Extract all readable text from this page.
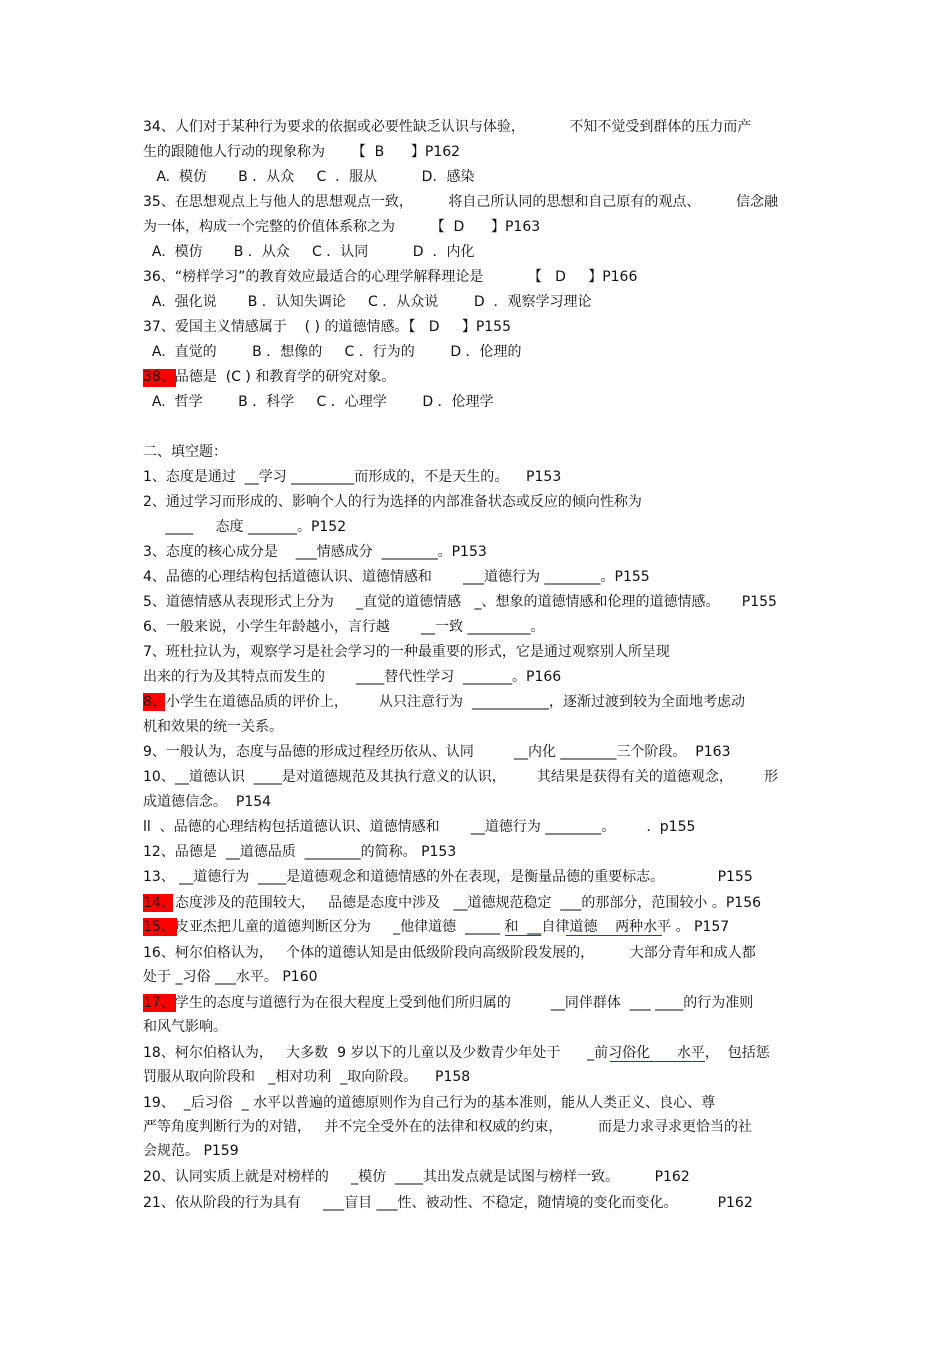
34、人们对于某种行为要求的依据或必要性缺乏认识与体验，          不知不觉受到群体的压力而产
生的跟随他人行动的现象称为      【  B      】P162
A.  模仿       B ．从众     C  ．服从          D．感染
35、在思想观点上与他人的思想观点一致，        将自己所认同的思想和自己原有的观点、        信念融
为一体，构成一个完整的价值体系称之为        【  D      】P163
A.  模仿       B ．从众     C ．认同          D  ．内化
36、“榜样学习”的教育效应最适合的心理学解释理论是          【   D     】P166
A.  强化说       B ．认知失调论     C ．从众说        D  ．观察学习理论
37、爱国主义情感属于    ( ) 的道德情感。【   D     】P155
A.  直觉的        B ．想像的     C ．行为的        D ．伦理的
38、品德是  (C ) 和教育学的研究对象。
A.  哲学        B ．科学     C ．心理学        D ．伦理学
二、填空题：
1、态度是通过  __学习 _________而形成的，不是天生的。    P153
2、通过学习而形成的、影响个人的行为选择的内部准备状态或反应的倾向性称为
____     态度 _______。P152
3、态度的核心成分是    ___情感成分  ________。P153
4、品德的心理结构包括道德认识、道德情感和       ___道德行为 ________。P155
5、道德情感从表现形式上分为     _直觉的道德情感   _、想象的道德情感和伦理的道德情感。     P155
6、一般来说，小学生年龄越小，言行越       __一致 _________。
7、班杜拉认为，观察学习是社会学习的一种最重要的形式，它是通过观察别人所呈现
出来的行为及其特点而发生的       ____替代性学习  _______。P166
8、小学生在道德品质的评价上，       从只注意行为  ___________，逐渐过渡到较为全面地考虑动
机和效果的统一关系。
9、一般认为，态度与品德的形成过程经历依从、认同         __内化 ________三个阶段。  P163
10、__道德认识  ____是对道德规范及其执行意义的认识，       其结果是获得有关的道德观念，       形
成道德信念。  P154
ll  、品德的心理结构包括道德认识、道德情感和       __道德行为 ________。       .  p155
12、品德是  __道德品质  ________的简称。 P153
13、 __道德行为  ____是道德观念和道德情感的外在表现，是衡量品德的重要标志。            P155
14、态度涉及的范围较大，   品德是态度中涉及   __道德规范稳定  ___的那部分，范围较小 。P156
15、皮亚杰把儿童的道德判断区分为     _他律道德  _____ 和  __自律道德    两种水平 。 P157
16、柯尔伯格认为，   个体的道德认知是由低级阶段向高级阶段发展的，        大部分青年和成人都
处于 _习俗 ___水平。 P160
17、学生的态度与道德行为在很大程度上受到他们所归属的         __同伴群体  ___ ____的行为准则
和风气影响。
18、柯尔伯格认为，   大多数  9 岁以下的儿童以及少数青少年处于      _前习俗化      水平，  包括惩
罚服从取向阶段和   _相对功利  _取向阶段。    P158
19、  _后习俗  _ 水平以普遍的道德原则作为自己行为的基本准则，能从人类正义、良心、尊
严等角度判断行为的对错，   并不完全受外在的法律和权威的约束，        而是力求寻求更恰当的社
会规范。 P159
20、认同实质上就是对榜样的     _模仿  ____其出发点就是试图与榜样一致。        P162
21、依从阶段的行为具有     ___盲目 ___性、被动性、不稳定，随情境的变化而变化。         P162
